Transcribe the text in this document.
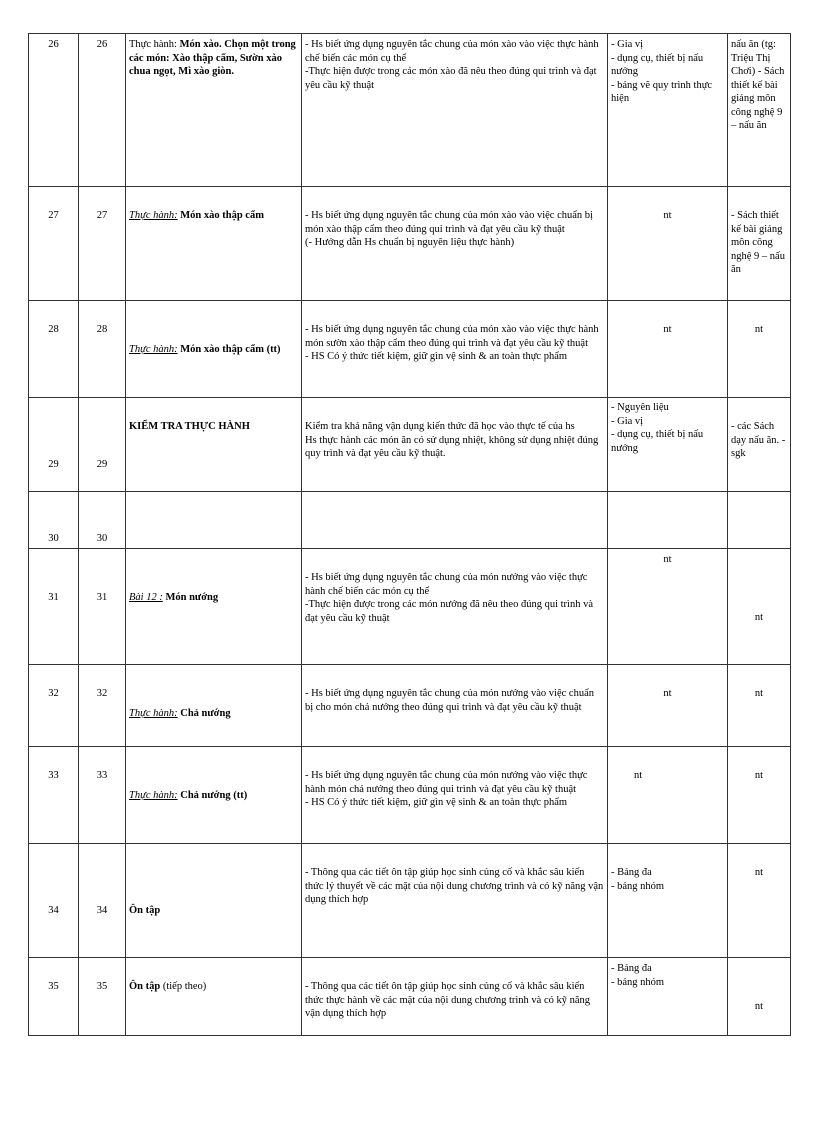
26	26	Thực hành: Món xào. Chọn một trong các món: Xào thập cẩm, Sườn xào chua ngọt, Mì xào giòn.	- Hs biết ứng dụng nguyên tắc chung của món xào vào việc thực hành chế biến các món cụ thể
-Thực hiện được trong các món xào đã nêu theo đúng qui trình và đạt yêu cầu kỹ thuật	- Gia vị
- dụng cụ, thiết bị nấu nướng
- bảng vẽ quy trình thực hiện	nấu ăn (tg: Triệu Thị Chơi) - Sách thiết kế bài giảng môn công nghệ 9 – nấu ăn

27	27	Thực hành: Món xào thập cẩm	- Hs biết ứng dụng nguyên tắc chung của món xào vào việc chuẩn bị món xào thập cẩm theo đúng qui trình và đạt yêu cầu kỹ thuật
(- Hướng dẫn Hs chuẩn bị nguyên liệu thực hành)	nt	- Sách thiết kế bài giảng môn công nghệ 9 – nấu ăn

28	28	Thực hành: Món xào thập cẩm (tt)	- Hs biết ứng dụng nguyên tắc chung của món xào vào việc thực hành món sườn xào thập cẩm theo đúng qui trình và đạt yêu cầu kỹ thuật
- HS Có ý thức tiết kiệm, giữ gìn vệ sinh & an toàn thực phẩm	nt	nt

29	29	KIỂM TRA THỰC HÀNH	Kiểm tra khả năng vận dụng kiến thức đã học vào thực tế của hs
Hs thực hành các món ăn có sử dụng nhiệt, không sử dụng nhiệt đúng quy trình và đạt yêu cầu kỹ thuật.	- Nguyên liệu
- Gia vị
- dụng cụ, thiết bị nấu nướng	- các Sách dạy nấu ăn. - sgk

30	30				

31	31	Bài 12 : Món nướng	- Hs biết ứng dụng nguyên tắc chung của món nướng vào việc thực hành chế biến các món cụ thể
-Thực hiện được trong các món nướng đã nêu theo đúng qui trình và đạt yêu cầu kỹ thuật	nt	nt

32	32	Thực hành: Chả nướng	- Hs biết ứng dụng nguyên tắc chung của món nướng vào việc chuẩn bị cho món chả nướng theo đúng qui trình và đạt yêu cầu kỹ thuật	nt	nt

33	33	Thực hành: Chả nướng (tt)	- Hs biết ứng dụng nguyên tắc chung của món nướng vào việc thực hành món chả nướng theo đúng qui trình và đạt yêu cầu kỹ thuật
- HS Có ý thức tiết kiệm, giữ gìn vệ sinh & an toàn thực phẩm	nt	nt

34	34	Ôn tập	- Thông qua các tiết ôn tập giúp học sinh củng cố và khắc sâu kiến thức lý thuyết về các mặt của nội dung chương trình và có kỹ năng vận dụng thích hợp	- Bảng đa
- bảng nhóm	nt

35	35	Ôn tập (tiếp theo)	- Thông qua các tiết ôn tập giúp học sinh củng cố và khắc sâu kiến thức thực hành về các mặt của nội dung chương trình và có kỹ năng vận dụng thích hợp	- Bảng đa
- bảng nhóm	nt
